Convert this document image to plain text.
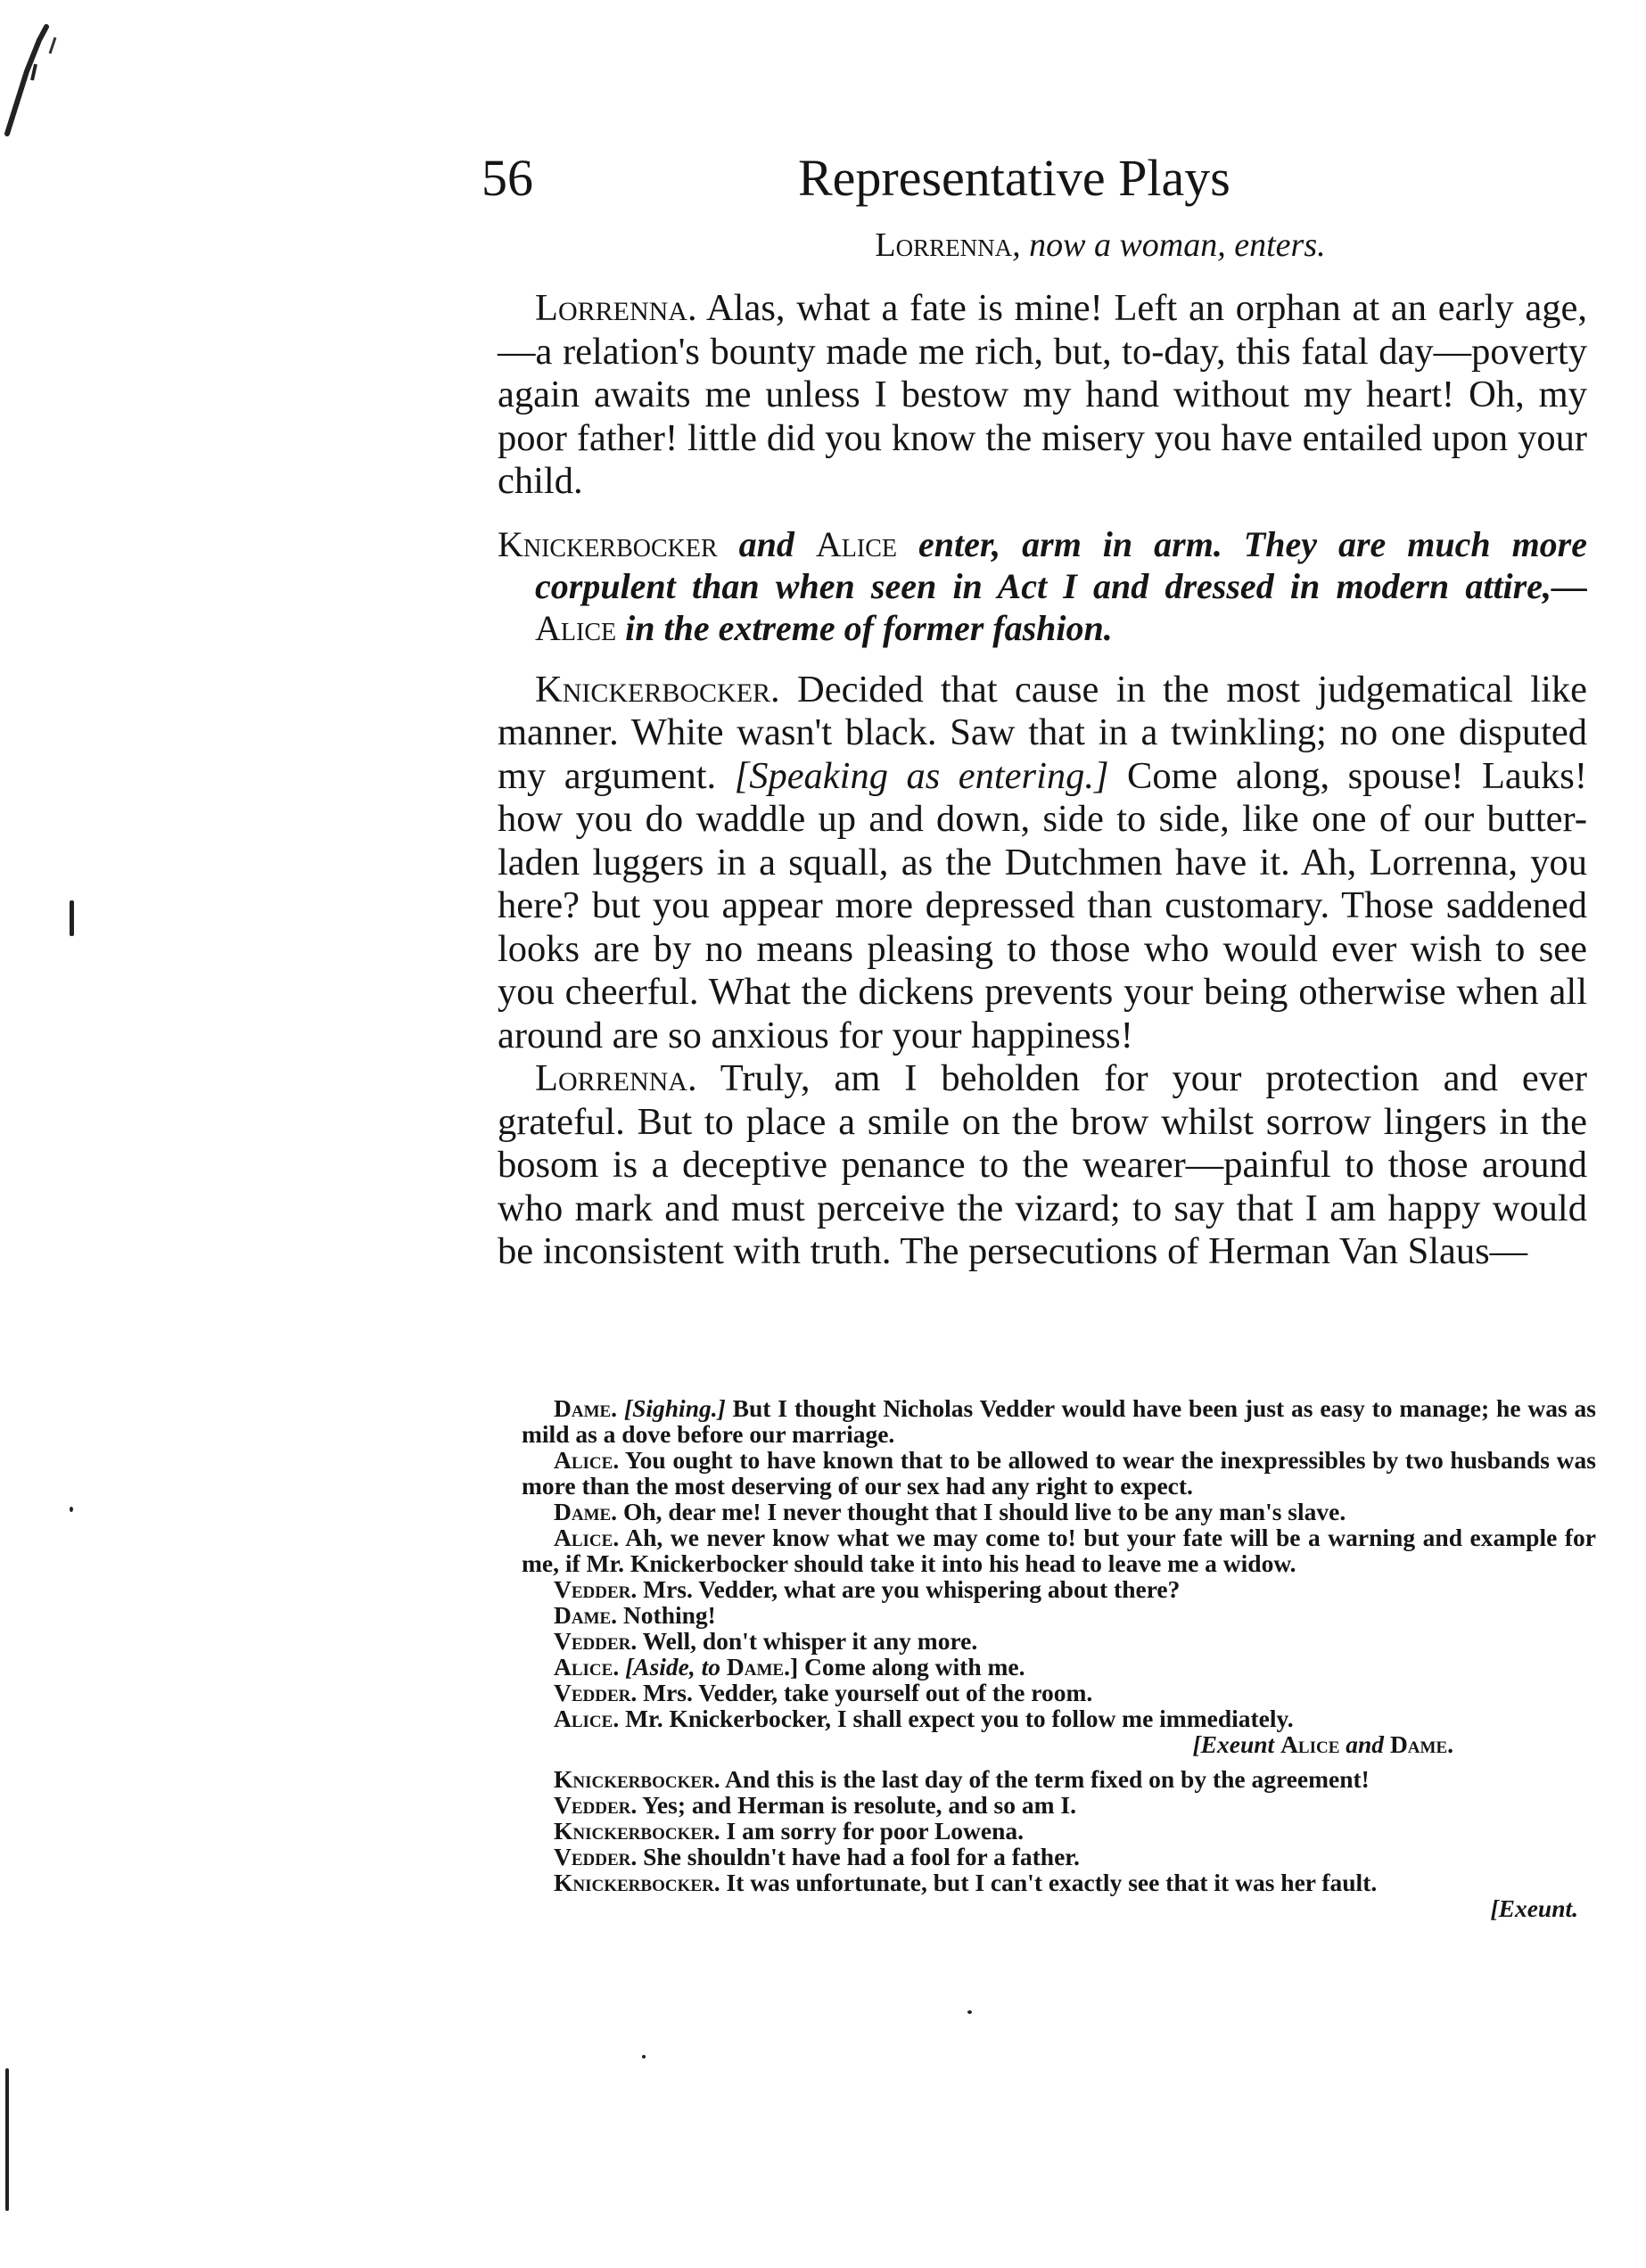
56	Representative Plays

Lorrenna, now a woman, enters.

Lorrenna. Alas, what a fate is mine! Left an orphan at an early age,—a relation's bounty made me rich, but, to-day, this fatal day—poverty again awaits me unless I bestow my hand without my heart! Oh, my poor father! little did you know the misery you have entailed upon your child.

Knickerbocker and Alice enter, arm in arm. They are much more corpulent than when seen in Act I and dressed in modern attire,—Alice in the extreme of former fashion.

Knickerbocker. Decided that cause in the most judgematical like manner. White wasn't black. Saw that in a twinkling; no one disputed my argument. [Speaking as entering.] Come along, spouse! Lauks! how you do waddle up and down, side to side, like one of our butter-laden luggers in a squall, as the Dutchmen have it. Ah, Lorrenna, you here? but you appear more depressed than customary. Those saddened looks are by no means pleasing to those who would ever wish to see you cheerful. What the dickens prevents your being otherwise when all around are so anxious for your happiness!

Lorrenna. Truly, am I beholden for your protection and ever grateful. But to place a smile on the brow whilst sorrow lingers in the bosom is a deceptive penance to the wearer—painful to those around who mark and must perceive the vizard; to say that I am happy would be inconsistent with truth. The persecutions of Herman Van Slaus—

Dame. [Sighing.] But I thought Nicholas Vedder would have been just as easy to manage; he was as mild as a dove before our marriage.

Alice. You ought to have known that to be allowed to wear the inexpressibles by two husbands was more than the most deserving of our sex had any right to expect.

Dame. Oh, dear me! I never thought that I should live to be any man's slave.

Alice. Ah, we never know what we may come to! but your fate will be a warning and example for me, if Mr. Knickerbocker should take it into his head to leave me a widow.

Vedder. Mrs. Vedder, what are you whispering about there?

Dame. Nothing!

Vedder. Well, don't whisper it any more.

Alice. [Aside, to Dame.] Come along with me.

Vedder. Mrs. Vedder, take yourself out of the room.

Alice. Mr. Knickerbocker, I shall expect you to follow me immediately.

[Exeunt Alice and Dame.

Knickerbocker. And this is the last day of the term fixed on by the agreement!

Vedder. Yes; and Herman is resolute, and so am I.

Knickerbocker. I am sorry for poor Lowena.

Vedder. She shouldn't have had a fool for a father.

Knickerbocker. It was unfortunate, but I can't exactly see that it was her fault.
[Exeunt.
